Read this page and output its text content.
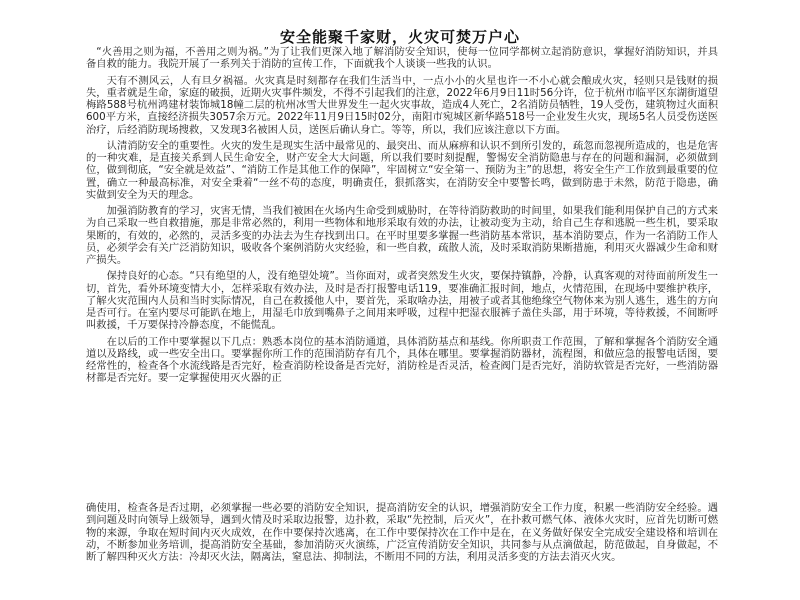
安全能聚千家财，火灾可焚万户心

“火善用之则为福，不善用之则为祸。”为了让我们更深入地了解消防安全知识，使每一位同学都树立起消防意识，掌握好消防知识，并具备自救的能力。我院开展了一系列关于消防的宣传工作，下面就我个人谈谈一些我的认识。

天有不测风云，人有旦夕祸福。火灾真是时刻都存在我们生活当中，一点小小的火星也许一不小心就会酿成火灾，轻则只是钱财的损失，重者就是生命，家庭的破损，近期火灾事件频发，不得不引起我们的注意，2022年6月9日11时56分许，位于杭州市临平区东湖街道望梅路588号杭州鸿建材装饰城18幢二层的杭州冰雪大世界发生一起火灾事故，造成4人死亡，2名消防员牺牲，19人受伤，建筑物过火面积600平方米，直接经济损失3057余万元。2022年11月9日15时02分，南阳市宛城区新华路518号一企业发生火灾，现场5名人员受伤送医治疗，后经消防现场搜救，又发现3名被困人员，送医后确认身亡。等等，所以，我们应该注意以下方面。

认清消防安全的重要性。火灾的发生是现实生活中最常见的、最突出、而从麻痹和认识不到所引发的，疏忽而忽视所造成的，也是危害的一种灾难，是直接关系到人民生命安全，财产安全大大问题，所以我们要时刻提醒，警惕安全消防隐患与存在的问题和漏洞，必须做到位，做到彻底，“安全就是效益”、“消防工作是其他工作的保障”，牢固树立“安全第一、预防为主”的思想，将安全生产工作放到最重要的位置，确立一种最高标准，对安全秉着“一丝不苟的态度，明确责任，狠抓落实，在消防安全中要警长鸣，做到防患于未然，防范于隐患，确实做到安全为天的理念。

加强消防教育的学习，灾害无情，当我们被困在火场内生命受到威胁时，在等待消防救助的时间里，如果我们能利用保护自己的方式来为自己采取一些自救措施，那是非常必然的，利用一些物体和地形采取有效的办法，让被动变为主动，给自己生存和逃脱一些生机，要采取果断的，有效的，必然的，灵活多变的办法去为生存找到出口。在平时里要多掌握一些消防基本常识，基本消防要点，作为一名消防工作人员，必须学会有关广泛消防知识，吸收各个案例消防火灾经验，和一些自救，疏散人流，及时采取消防果断措施，利用灭火器减少生命和财产损失。

保持良好的心态。“只有绝望的人，没有绝望处境”。当你面对，或者突然发生火灾，要保持镇静，冷静，认真客观的对待面前所发生一切，首先，看外环境变情大小，怎样采取有效办法，及时是否打报警电话119，要准确汇报时间，地点，火情范围，在现场中要维护秩序，了解火灾范围内人员和当时实际情况，自己在救援他人中，要首先，采取啥办法，用被子或者其他绝缘空气物体来为别人逃生，逃生的方向是否可行。在室内要尽可能趴在地上，用湿毛巾放到嘴鼻子之间用来呼吸，过程中把湿衣服裤子盖住头部，用于环境，等待救援，不间断呼叫救援，千万要保持冷静态度，不能慌乱。

在以后的工作中要掌握以下几点：熟悉本岗位的基本消防通道，具体消防基点和基线。你所职责工作范围，了解和掌握各个消防安全通道以及路线，或一些安全出口。要掌握你所工作的范围消防存有几个，具体在哪里。要掌握消防器材，流程图，和做应急的报警电话图，要经常性的，检查各个水流线路是否完好，检查消防栓设备是否完好，消防栓是否灵活，检查阀门是否完好，消防软管是否完好，一些消防器材都是否完好。要一定掌握使用灭火器的正

确使用，检查各是否过期，必须掌握一些必要的消防安全知识，提高消防安全的认识，增强消防安全工作力度，积累一些消防安全经验。遇到问题及时向领导上级领导，遇到火情及时采取边报警，边扑救，采取“先控制，后灭火”，在扑救可燃气体、液体火灾时，应首先切断可燃物的来源，争取在短时间内灭火成效，在作中要保持次逃离，在工作中要保持次在工作中是在，在义务做好保安全完成安全建设格和培训在动，不断参加业务培训，提高消防安全基础，参加消防灭火演练，广泛宣传消防安全知识，共同参与从点滴做起，防范做起，自身做起，不断了解四种灭火方法：冷却灭火法，隔离法，窒息法、抑制法，不断用不同的方法，利用灵活多变的方法去消灭火灾。
